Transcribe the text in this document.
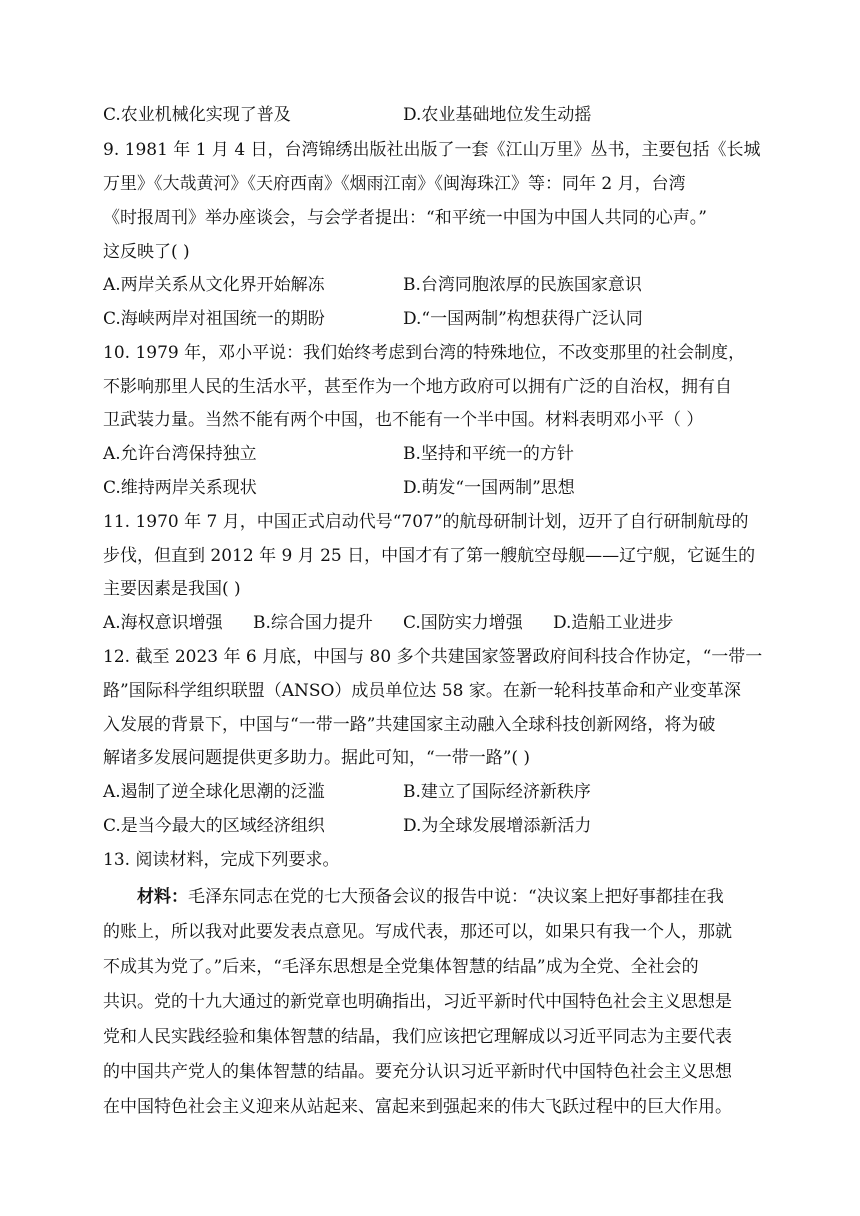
C.农业机械化实现了普及	D.农业基础地位发生动摇
9. 1981 年 1 月 4 日，台湾锦绣出版社出版了一套《江山万里》丛书，主要包括《长城
万里》《大哉黄河》《天府西南》《烟雨江南》《闽海珠江》等：同年 2 月，台湾
《时报周刊》举办座谈会，与会学者提出：“和平统一中国为中国人共同的心声。”
这反映了( )
A.两岸关系从文化界开始解冻	B.台湾同胞浓厚的民族国家意识
C.海峡两岸对祖国统一的期盼	D.“一国两制”构想获得广泛认同
10. 1979 年，邓小平说：我们始终考虑到台湾的特殊地位，不改变那里的社会制度，
不影响那里人民的生活水平，甚至作为一个地方政府可以拥有广泛的自治权，拥有自
卫武装力量。当然不能有两个中国，也不能有一个半中国。材料表明邓小平（ ）
A.允许台湾保持独立	B.坚持和平统一的方针
C.维持两岸关系现状	D.萌发“一国两制”思想
11. 1970 年 7 月，中国正式启动代号“707”的航母研制计划，迈开了自行研制航母的
步伐，但直到 2012 年 9 月 25 日，中国才有了第一艘航空母舰——辽宁舰，它诞生的
主要因素是我国( )
A.海权意识增强 B.综合国力提升 C.国防实力增强 D.造船工业进步
12. 截至 2023 年 6 月底，中国与 80 多个共建国家签署政府间科技合作协定，“一带一
路”国际科学组织联盟（ANSO）成员单位达 58 家。在新一轮科技革命和产业变革深
入发展的背景下，中国与“一带一路”共建国家主动融入全球科技创新网络，将为破
解诸多发展问题提供更多助力。据此可知，“一带一路”( )
A.遏制了逆全球化思潮的泛滥	B.建立了国际经济新秩序
C.是当今最大的区域经济组织	D.为全球发展增添新活力
13. 阅读材料，完成下列要求。
材料：毛泽东同志在党的七大预备会议的报告中说：“决议案上把好事都挂在我
的账上，所以我对此要发表点意见。写成代表，那还可以，如果只有我一个人，那就
不成其为党了。”后来，“毛泽东思想是全党集体智慧的结晶”成为全党、全社会的
共识。党的十九大通过的新党章也明确指出，习近平新时代中国特色社会主义思想是
党和人民实践经验和集体智慧的结晶，我们应该把它理解成以习近平同志为主要代表
的中国共产党人的集体智慧的结晶。要充分认识习近平新时代中国特色社会主义思想
在中国特色社会主义迎来从站起来、富起来到强起来的伟大飞跃过程中的巨大作用。
